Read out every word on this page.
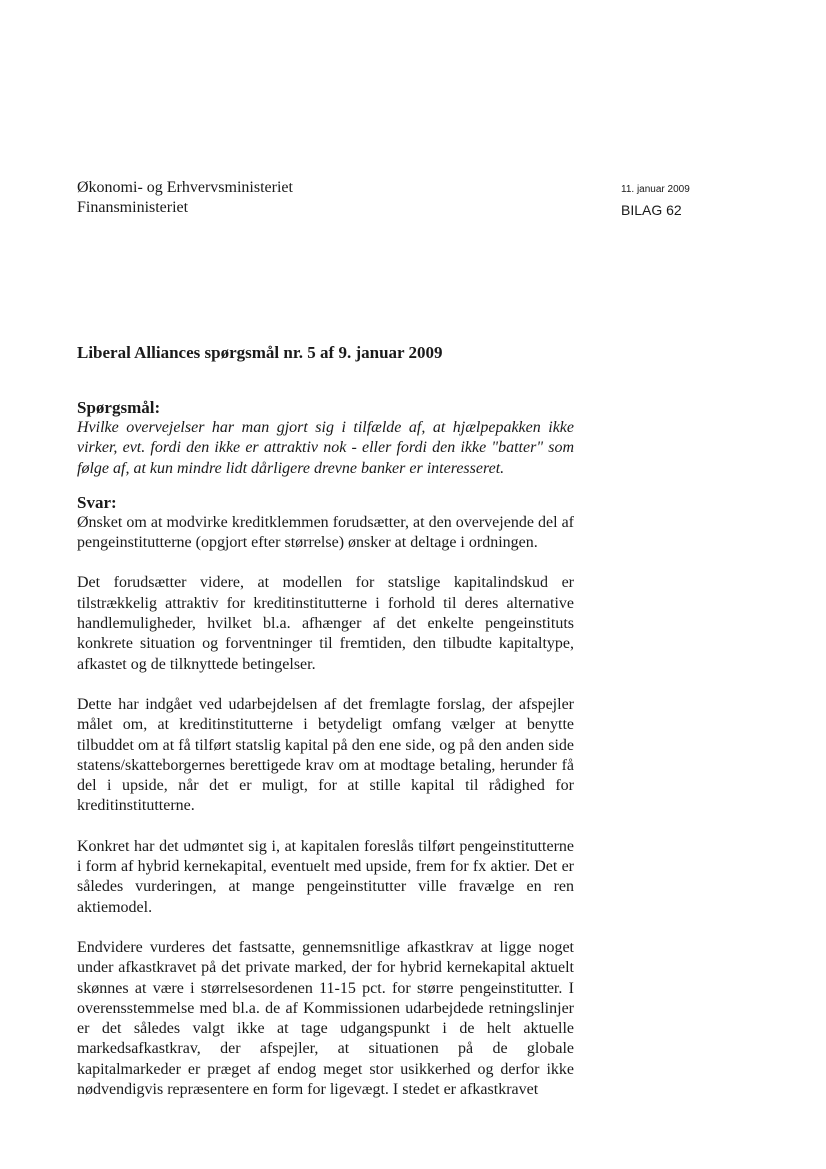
Økonomi- og Erhvervsministeriet
Finansministeriet
11. januar 2009
BILAG 62
Liberal Alliances spørgsmål nr. 5 af 9. januar 2009
Spørgsmål:

Hvilke overvejelser har man gjort sig i tilfælde af, at hjælpepakken ikke virker, evt. fordi den ikke er attraktiv nok - eller fordi den ikke "batter" som følge af, at kun mindre lidt dårligere drevne banker er interesseret.

Svar:

Ønsket om at modvirke kreditklemmen forudsætter, at den overvejende del af pengeinstitutterne (opgjort efter størrelse) ønsker at deltage i ordningen.

Det forudsætter videre, at modellen for statslige kapitalindskud er tilstrækkelig attraktiv for kreditinstitutterne i forhold til deres alternative handlemuligheder, hvilket bl.a. afhænger af det enkelte pengeinstituts konkrete situation og forventninger til fremtiden, den tilbudte kapitaltype, afkastet og de tilknyttede betingelser.

Dette har indgået ved udarbejdelsen af det fremlagte forslag, der afspejler målet om, at kreditinstitutterne i betydeligt omfang vælger at benytte tilbuddet om at få tilført statslig kapital på den ene side, og på den anden side statens/skatteborgernes berettigede krav om at modtage betaling, herunder få del i upside, når det er muligt, for at stille kapital til rådighed for kreditinstitutterne.

Konkret har det udmøntet sig i, at kapitalen foreslås tilført pengeinstitutterne i form af hybrid kernekapital, eventuelt med upside, frem for fx aktier. Det er således vurderingen, at mange pengeinstitutter ville fravælge en ren aktiemodel.

Endvidere vurderes det fastsatte, gennemsnitlige afkastkrav at ligge noget under afkastkravet på det private marked, der for hybrid kernekapital aktuelt skønnes at være i størrelsesordenen 11-15 pct. for større pengeinstitutter. I overensstemmelse med bl.a. de af Kommissionen udarbejdede retningslinjer er det således valgt ikke at tage udgangspunkt i de helt aktuelle markedsafkastkrav, der afspejler, at situationen på de globale kapitalmarkeder er præget af endog meget stor usikkerhed og derfor ikke nødvendigvis repræsentere en form for ligevægt. I stedet er afkastkravet
